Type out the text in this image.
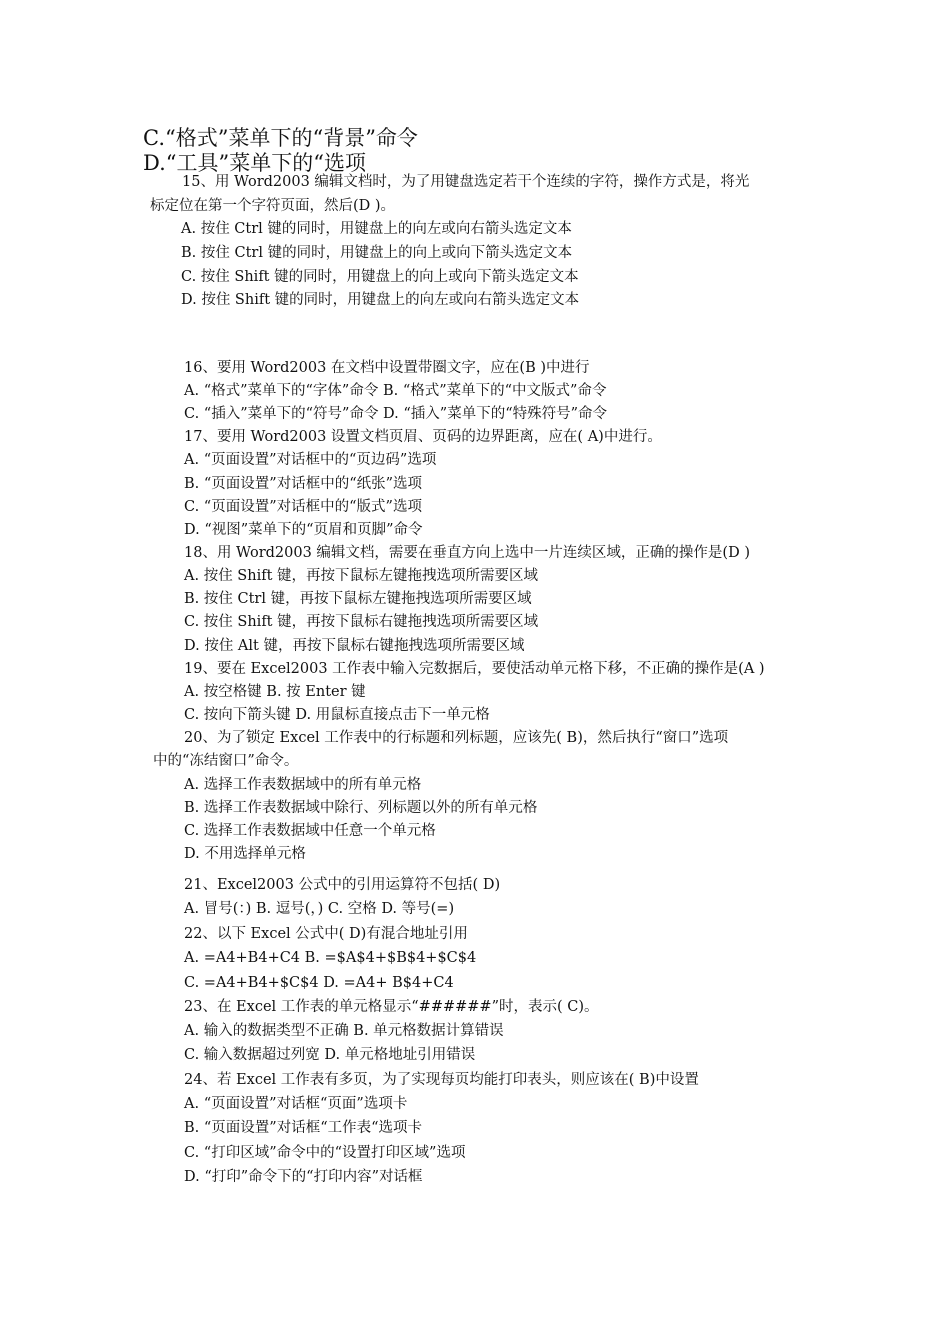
C.“格式”菜单下的“背景”命令
D.“工具”菜单下的“选项
15、用 Word2003 编辑文档时，为了用键盘选定若干个连续的字符，操作方式是，将光
标定位在第一个字符页面，然后(D )。
A. 按住 Ctrl 键的同时，用键盘上的向左或向右箭头选定文本
B. 按住 Ctrl 键的同时，用键盘上的向上或向下箭头选定文本
C. 按住 Shift 键的同时，用键盘上的向上或向下箭头选定文本
D. 按住 Shift 键的同时，用键盘上的向左或向右箭头选定文本
16、要用 Word2003 在文档中设置带圈文字，应在(B )中进行
A. “格式”菜单下的“字体”命令 B. “格式”菜单下的“中文版式”命令
C. “插入”菜单下的“符号”命令 D. “插入”菜单下的“特殊符号”命令
17、要用 Word2003 设置文档页眉、页码的边界距离，应在( A)中进行。
A. “页面设置”对话框中的“页边码”选项
B. “页面设置”对话框中的“纸张”选项
C. “页面设置”对话框中的“版式”选项
D. “视图”菜单下的“页眉和页脚”命令
18、用 Word2003 编辑文档，需要在垂直方向上选中一片连续区域，正确的操作是(D )
A. 按住 Shift 键，再按下鼠标左键拖拽选项所需要区域
B. 按住 Ctrl 键，再按下鼠标左键拖拽选项所需要区域
C. 按住 Shift 键，再按下鼠标右键拖拽选项所需要区域
D. 按住 Alt 键，再按下鼠标右键拖拽选项所需要区域
19、要在 Excel2003 工作表中输入完数据后，要使活动单元格下移，不正确的操作是(A )
A. 按空格键 B. 按 Enter 键
C. 按向下箭头键 D. 用鼠标直接点击下一单元格
20、为了锁定 Excel 工作表中的行标题和列标题，应该先( B)，然后执行“窗口”选项
中的“冻结窗口”命令。
A. 选择工作表数据域中的所有单元格
B. 选择工作表数据域中除行、列标题以外的所有单元格
C. 选择工作表数据域中任意一个单元格
D. 不用选择单元格
21、Excel2003 公式中的引用运算符不包括( D)
A. 冒号(：) B. 逗号(，) C. 空格 D. 等号(=)
22、以下 Excel 公式中( D)有混合地址引用
A. =A4+B4+C4 B. =$A$4+$B$4+$C$4
C. =A4+B4+$C$4 D. =A4+ B$4+C4
23、在 Excel 工作表的单元格显示“######”时，表示( C)。
A. 输入的数据类型不正确 B. 单元格数据计算错误
C. 输入数据超过列宽 D. 单元格地址引用错误
24、若 Excel 工作表有多页，为了实现每页均能打印表头，则应该在( B)中设置
A. “页面设置”对话框“页面”选项卡
B. “页面设置”对话框“工作表“选项卡
C. “打印区域”命令中的“设置打印区域”选项
D. “打印”命令下的“打印内容”对话框
